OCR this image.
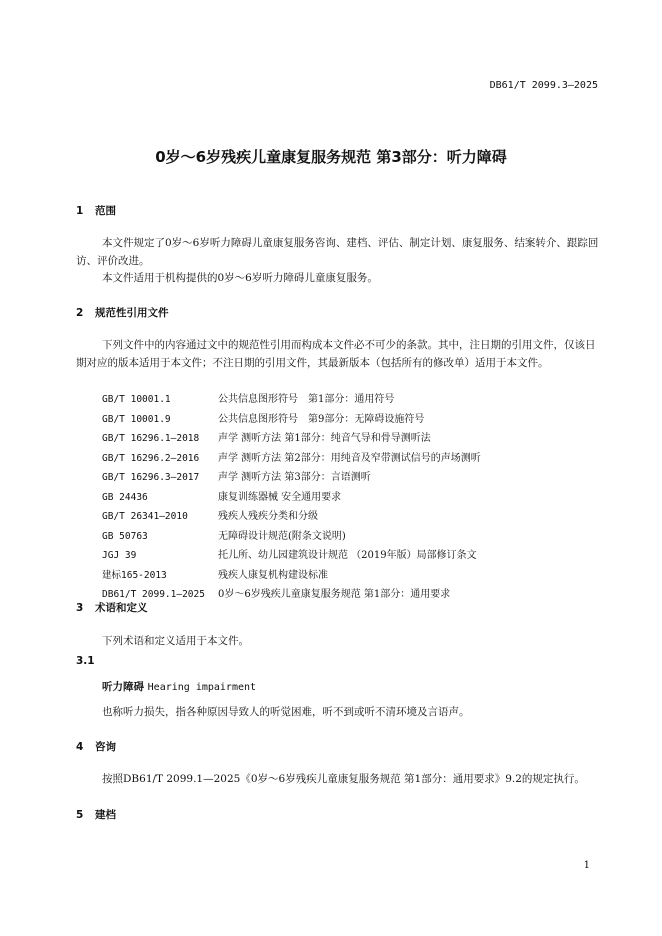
DB61/T 2099.3—2025
0岁～6岁残疾儿童康复服务规范 第3部分：听力障碍
1 范围
本文件规定了0岁～6岁听力障碍儿童康复服务咨询、建档、评估、制定计划、康复服务、结案转介、跟踪回访、评价改进。
本文件适用于机构提供的0岁～6岁听力障碍儿童康复服务。
2 规范性引用文件
下列文件中的内容通过文中的规范性引用而构成本文件必不可少的条款。其中，注日期的引用文件，仅该日期对应的版本适用于本文件；不注日期的引用文件，其最新版本（包括所有的修改单）适用于本文件。
GB/T 10001.1	公共信息图形符号　第1部分：通用符号
GB/T 10001.9	公共信息图形符号　第9部分：无障碍设施符号
GB/T 16296.1—2018	声学 测听方法 第1部分：纯音气导和骨导测听法
GB/T 16296.2—2016	声学 测听方法 第2部分：用纯音及窄带测试信号的声场测听
GB/T 16296.3—2017	声学 测听方法 第3部分：言语测听
GB 24436	康复训练器械 安全通用要求
GB/T 26341—2010	残疾人残疾分类和分级
GB 50763	无障碍设计规范(附条文说明)
JGJ 39	托儿所、幼儿园建筑设计规范 （2019年版）局部修订条文
建标165-2013	残疾人康复机构建设标准
DB61/T 2099.1—2025	0岁～6岁残疾儿童康复服务规范 第1部分：通用要求
3 术语和定义
下列术语和定义适用于本文件。
3.1
听力障碍 Hearing impairment
也称听力损失，指各种原因导致人的听觉困难，听不到或听不清环境及言语声。
4 咨询
按照DB61/T 2099.1—2025《0岁～6岁残疾儿童康复服务规范 第1部分：通用要求》9.2的规定执行。
5 建档
1
